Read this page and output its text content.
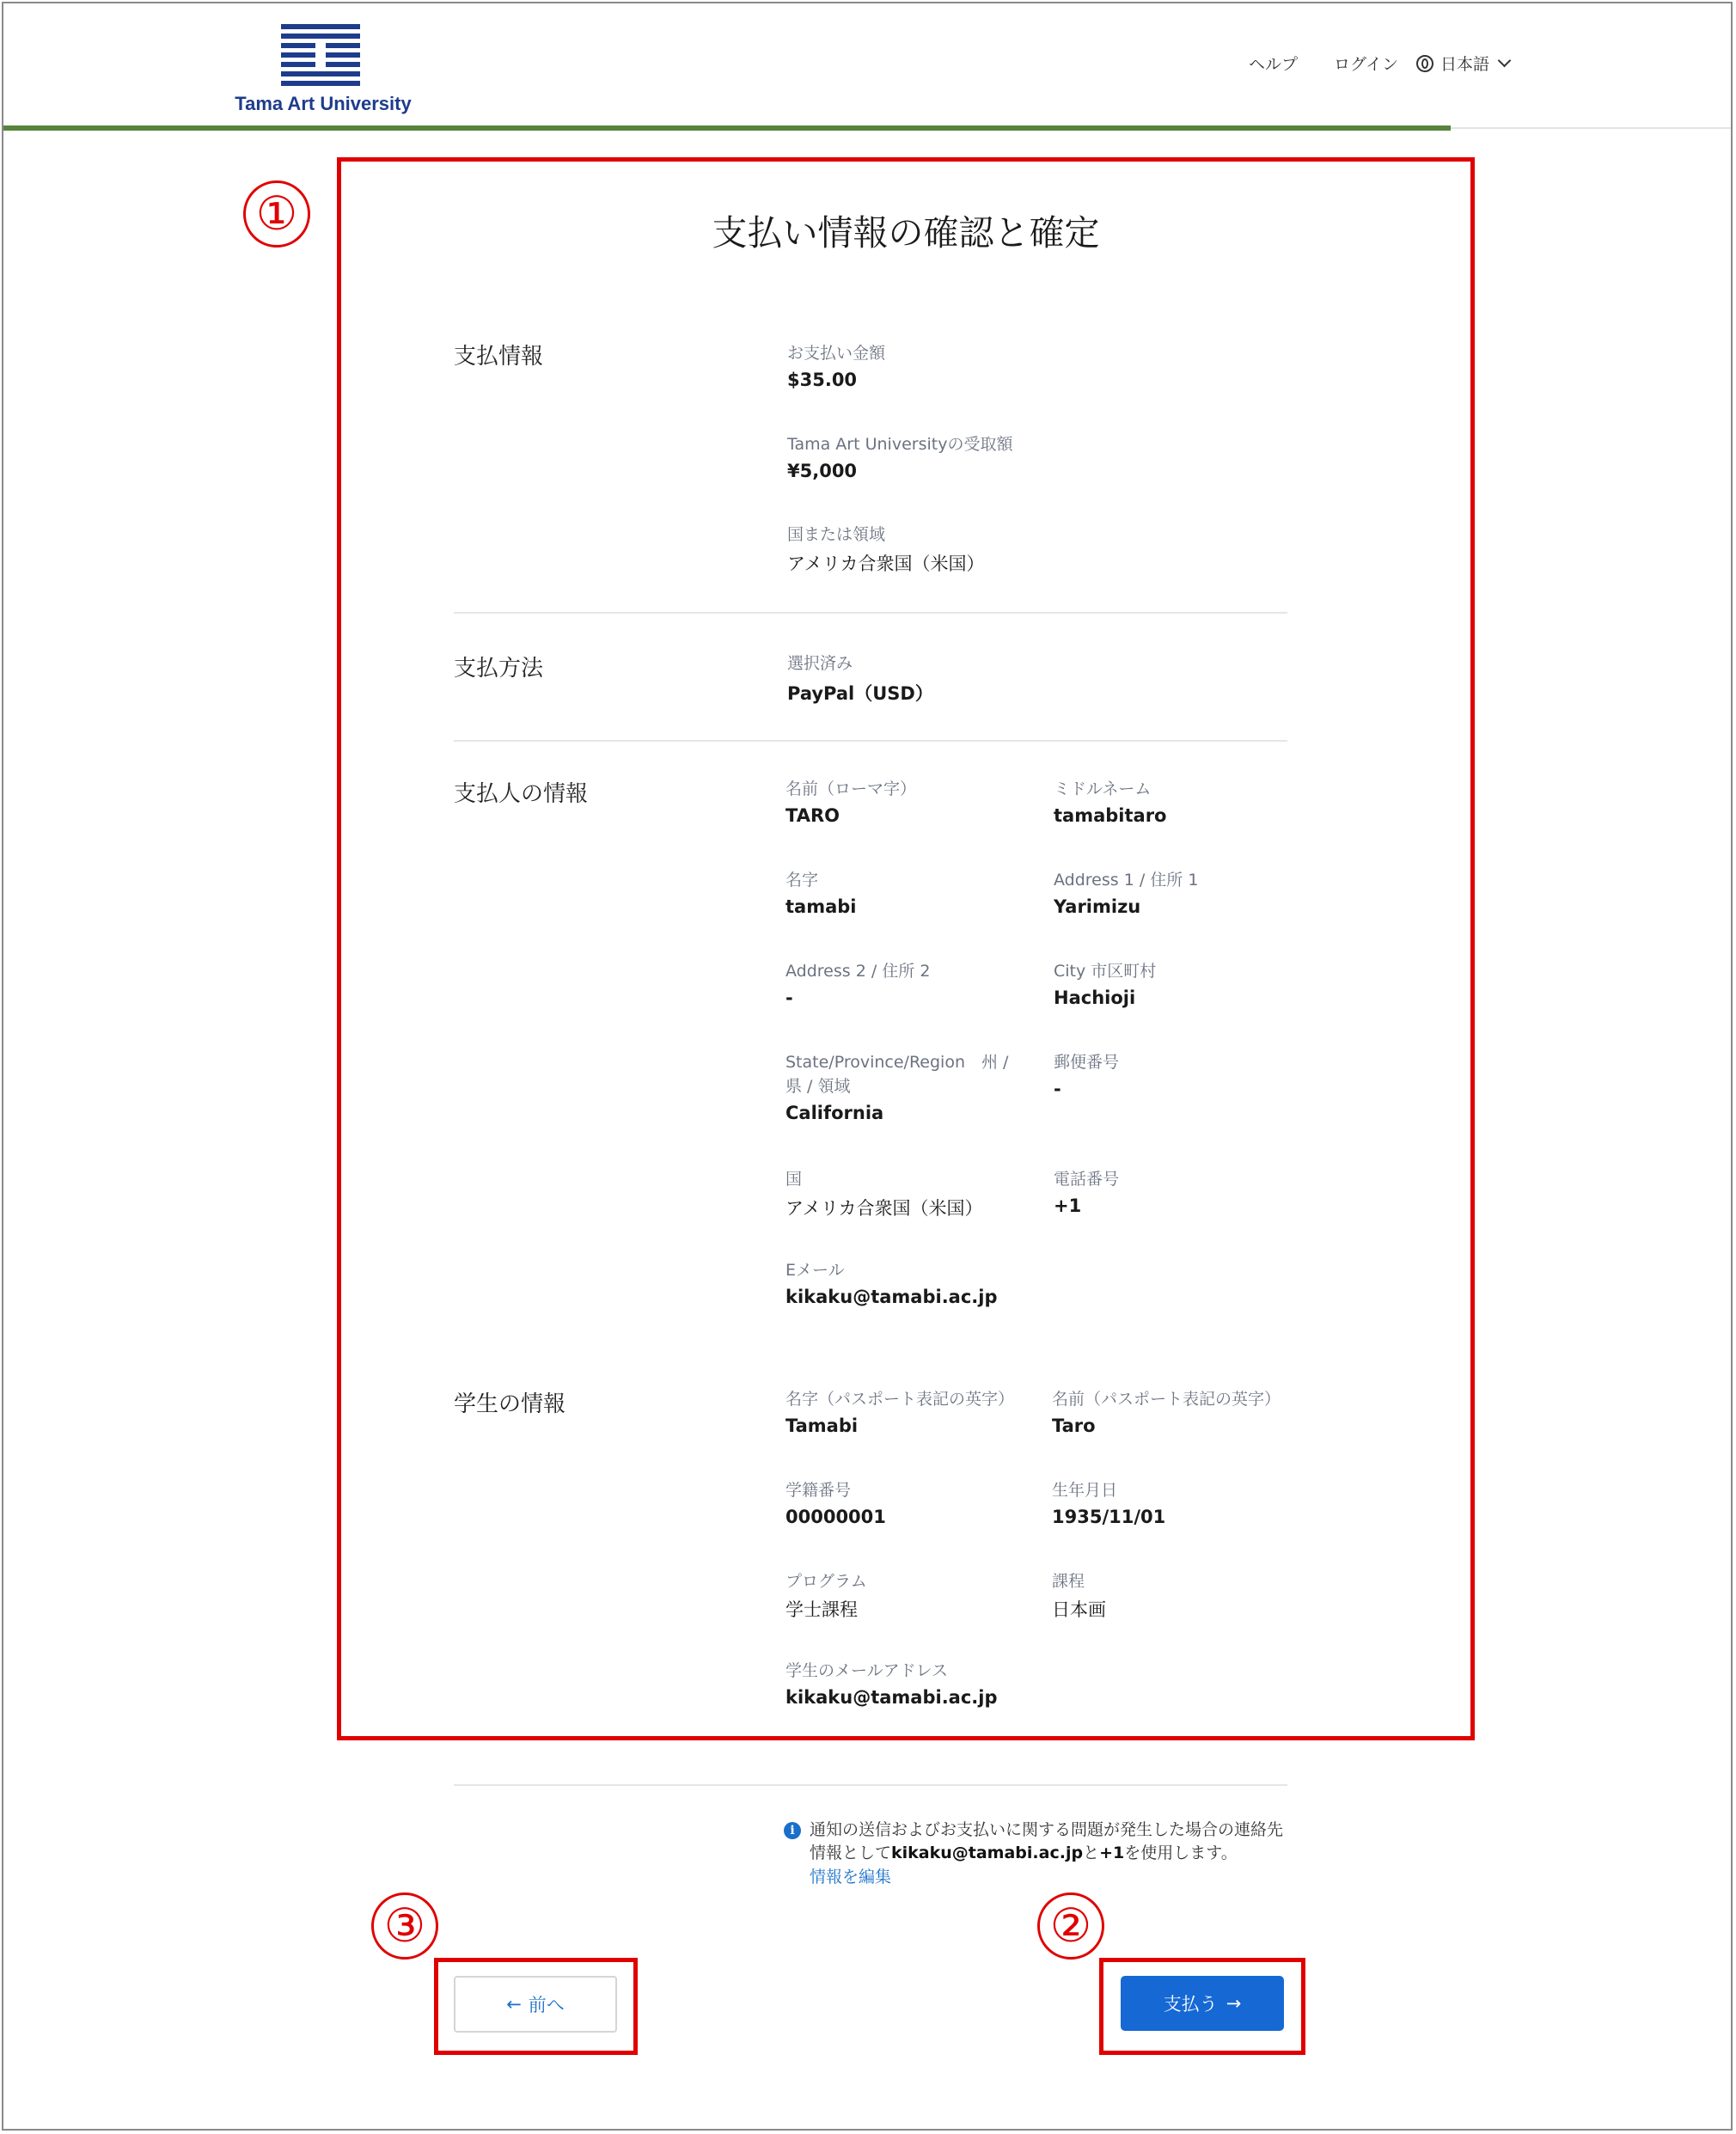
Tama Art University
ヘルプ ログイン	日本語
①
②
③
支払い情報の確認と確定
支払情報	お支払い金額
$35.00
Tama Art Universityの受取額
¥5,000
国または領域
アメリカ合衆国（米国）
支払方法	選択済み
PayPal（USD）
支払人の情報	名前（ローマ字）
TARO
ミドルネーム
tamabitaro
名字
tamabi
Address 1 / 住所 1
Yarimizu
Address 2 / 住所 2
-
City 市区町村
Hachioji
State/Province/Region　州 /
県 / 領域
California
郵便番号
-
国
アメリカ合衆国（米国）
電話番号
+1
Eメール
kikaku@tamabi.ac.jp
学生の情報	名字（パスポート表記の英字）
Tamabi
名前（パスポート表記の英字）
Taro
学籍番号
00000001
生年月日
1935/11/01
プログラム
学士課程
課程
日本画
学生のメールアドレス
kikaku@tamabi.ac.jp
i 通知の送信およびお支払いに関する問題が発生した場合の連絡先
情報としてkikaku@tamabi.ac.jpと+1を使用します。
情報を編集
← 前へ	支払う →
